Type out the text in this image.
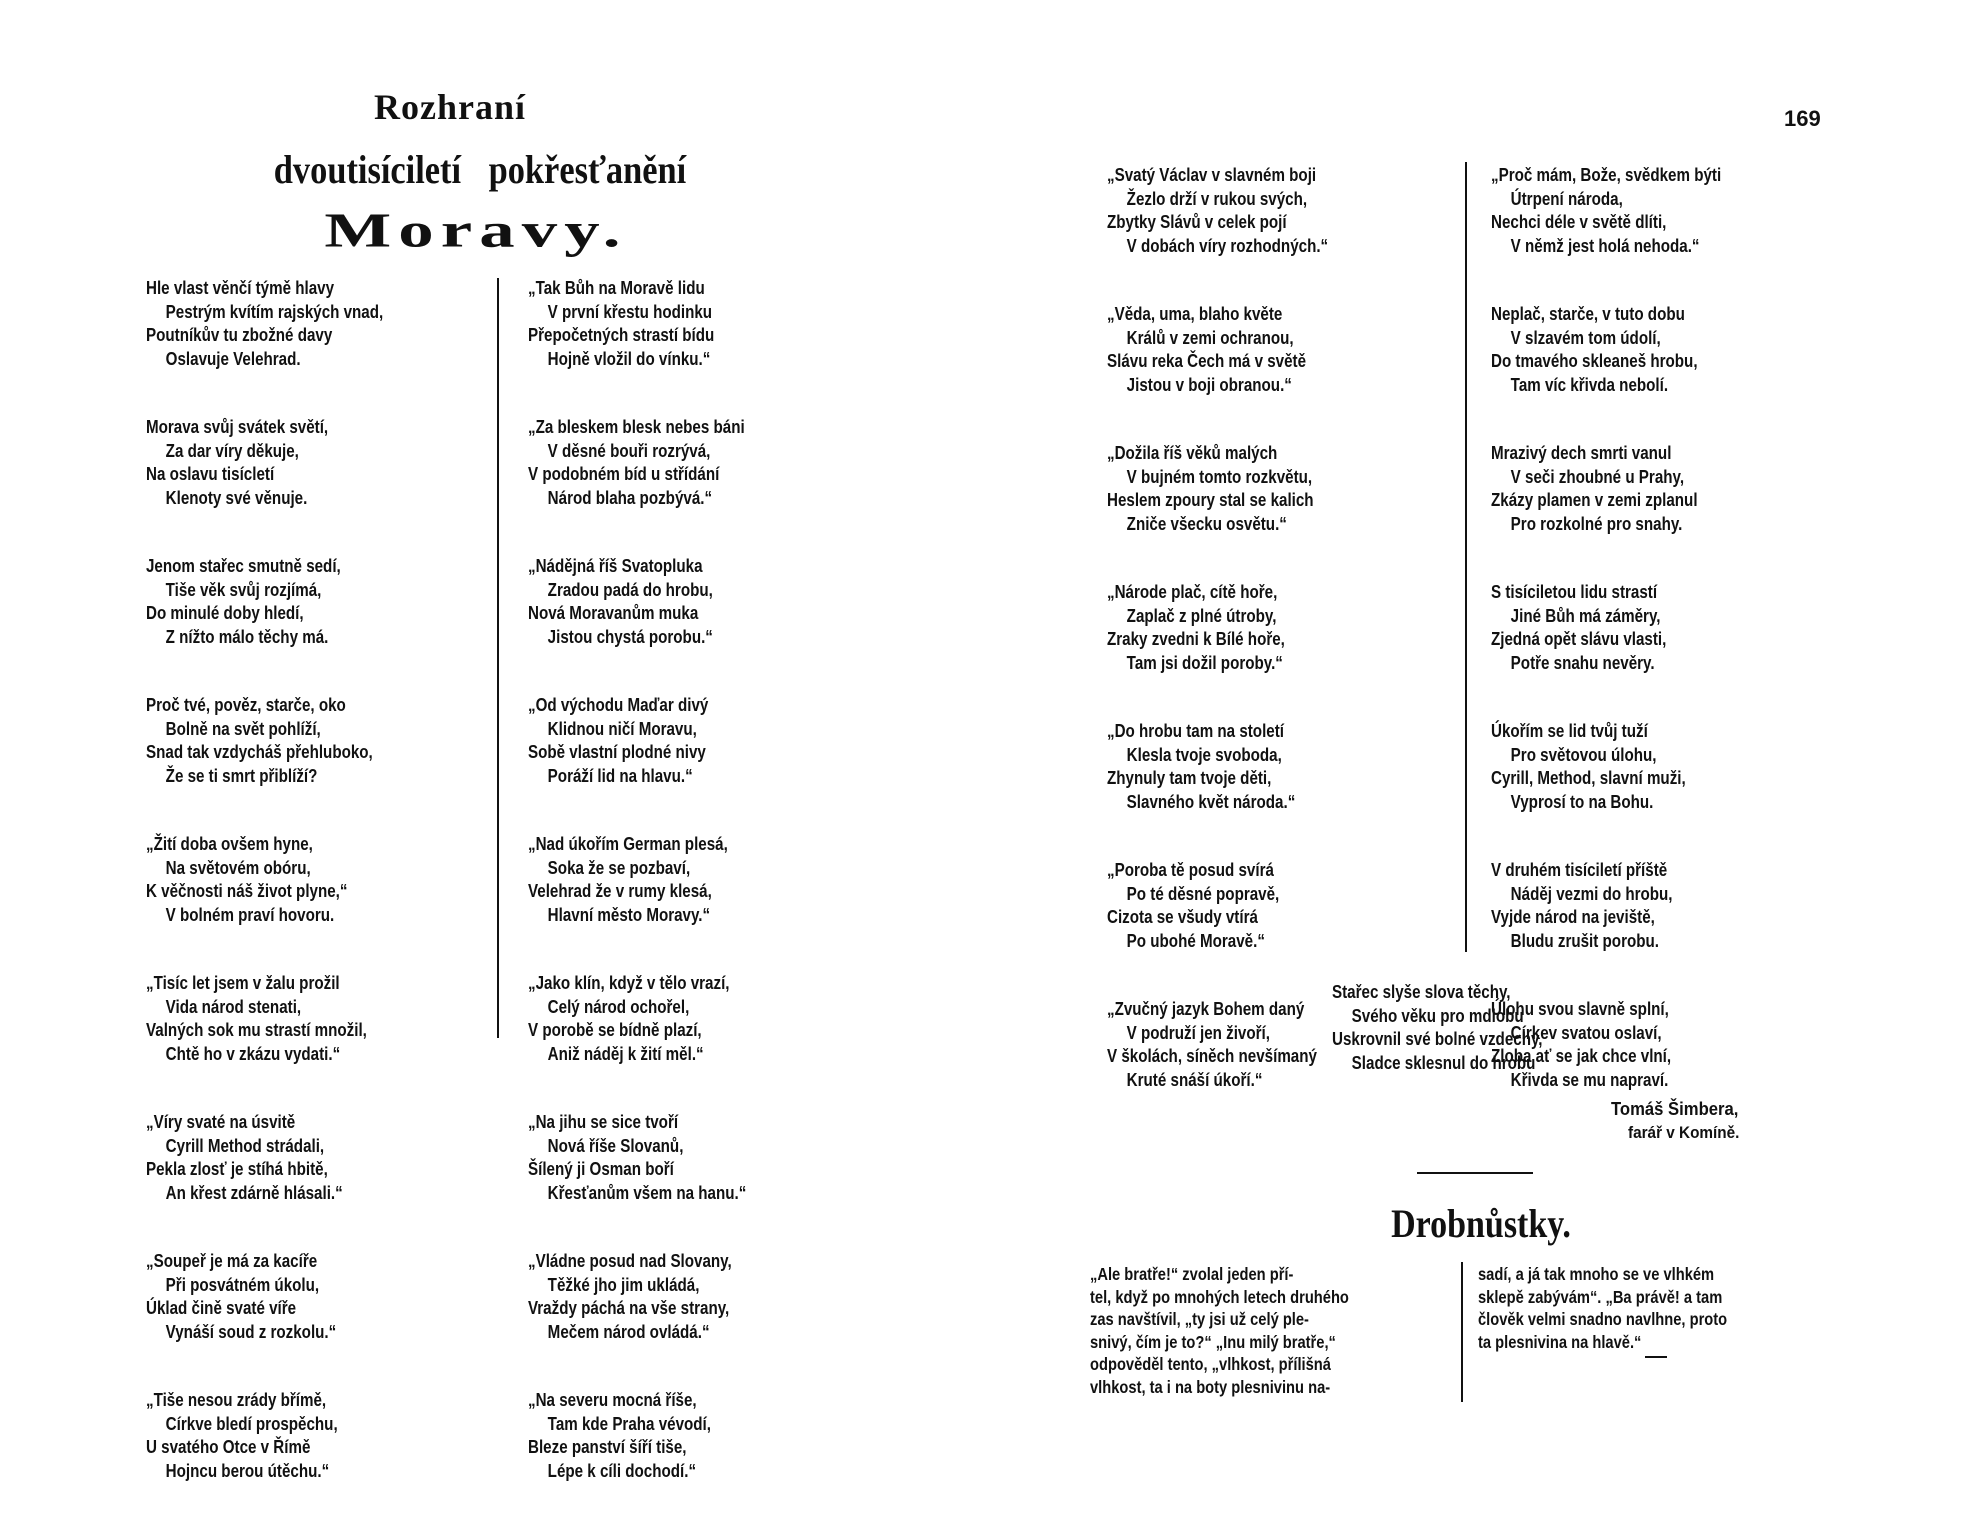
Rozhraní
dvoutisíciletí pokřesťanění
Moravy.
Hle vlast věnčí týmě hlavy
Pestrým kvítím rajských vnad,
Poutníkův tu zbožné davy
Oslavuje Velehrad.
Morava svůj svátek světí,
Za dar víry děkuje,
Na oslavu tisícletí
Klenoty své věnuje.
Jenom stařec smutně sedí,
Tiše věk svůj rozjímá,
Do minulé doby hledí,
Z nížto málo těchy má.
Proč tvé, pověz, starče, oko
Bolně na svět pohlíží,
Snad tak vzdycháš přehluboko,
Že se ti smrt přiblíží?
„Žití doba ovšem hyne,
Na světovém obóru,
K věčnosti náš život plyne,“
V bolném praví hovoru.
„Tisíc let jsem v žalu prožil
Vida národ stenati,
Valných sok mu strastí množil,
Chtě ho v zkázu vydati.“
„Víry svaté na úsvitě
Cyrill Method strádali,
Pekla zlosť je stíhá hbitě,
An křest zdárně hlásali.“
„Soupeř je má za kacíře
Při posvátném úkolu,
Úklad čině svaté víře
Vynáší soud z rozkolu.“
„Tiše nesou zrády břímě,
Církve bledí prospěchu,
U svatého Otce v Římě
Hojncu berou útěchu.“
„Tak Bůh na Moravě lidu
V první křestu hodinku
Přepočetných strastí bídu
Hojně vložil do vínku.“
„Za bleskem blesk nebes báni
V děsné bouři rozrývá,
V podobném bíd u střídání
Národ blaha pozbývá.“
„Nádějná říš Svatopluka
Zradou padá do hrobu,
Nová Moravanům muka
Jistou chystá porobu.“
„Od východu Maďar divý
Klidnou ničí Moravu,
Sobě vlastní plodné nivy
Poráží lid na hlavu.“
„Nad úkořím German plesá,
Soka že se pozbaví,
Velehrad že v rumy klesá,
Hlavní město Moravy.“
„Jako klín, když v tělo vrazí,
Celý národ ochořel,
V porobě se bídně plazí,
Aniž náděj k žití měl.“
„Na jihu se sice tvoří
Nová říše Slovanů,
Šílený ji Osman boří
Křesťanům všem na hanu.“
„Vládne posud nad Slovany,
Těžké jho jim ukládá,
Vraždy páchá na vše strany,
Mečem národ ovládá.“
„Na severu mocná říše,
Tam kde Praha vévodí,
Bleze panství šíří tiše,
Lépe k cíli dochodí.“

169

„Svatý Václav v slavném boji
Žezlo drží v rukou svých,
Zbytky Slávů v celek pojí
V dobách víry rozhodných.“
„Věda, uma, blaho květe
Králů v zemi ochranou,
Slávu reka Čech má v světě
Jistou v boji obranou.“
„Dožila říš věků malých
V bujném tomto rozkvětu,
Heslem zpoury stal se kalich
Zniče všecku osvětu.“
„Národe plač, cítě hoře,
Zaplač z plné útroby,
Zraky zvedni k Bílé hoře,
Tam jsi dožil poroby.“
„Do hrobu tam na století
Klesla tvoje svoboda,
Zhynuly tam tvoje děti,
Slavného květ národa.“
„Poroba tě posud svírá
Po té děsné popravě,
Cizota se všudy vtírá
Po ubohé Moravě.“
„Zvučný jazyk Bohem daný
V podruží jen živoří,
V školách, síněch nevšímaný
Kruté snáší úkoří.“
„Proč mám, Bože, svědkem býti
Útrpení národa,
Nechci déle v světě dlíti,
V němž jest holá nehoda.“
Neplač, starče, v tuto dobu
V slzavém tom údolí,
Do tmavého skleaneš hrobu,
Tam víc křivda nebolí.
Mrazivý dech smrti vanul
V seči zhoubné u Prahy,
Zkázy plamen v zemi zplanul
Pro rozkolné pro snahy.
S tisíciletou lidu strastí
Jiné Bůh má záměry,
Zjedná opět slávu vlasti,
Potře snahu nevěry.
Úkořím se lid tvůj tuží
Pro světovou úlohu,
Cyrill, Method, slavní muži,
Vyprosí to na Bohu.
V druhém tisíciletí příště
Náděj vezmi do hrobu,
Vyjde národ na jeviště,
Bludu zrušit porobu.
Úlohu svou slavně splní,
Církev svatou oslaví,
Zloba ať se jak chce vlní,
Křivda se mu napraví.
Stařec slyše slova těchy,
Svého věku pro mdlobu
Uskrovnil své bolné vzdechy,
Sladce sklesnul do hrobu

Tomáš Šimbera,

farář v Komíně.

Drobnůstky.
„Ale bratře!“ zvolal jeden pří-
tel, když po mnohých letech druhého
zas navštívil, „ty jsi už celý ple-
snivý, čím je to?“ „Inu milý bratře,“
odpověděl tento, „vlhkost, přílišná
vlhkost, ta i na boty plesnivinu na-
sadí, a já tak mnoho se ve vlhkém
sklepě zabývám“. „Ba právě! a tam
člověk velmi snadno navlhne, proto
ta plesnivina na hlavě.“
